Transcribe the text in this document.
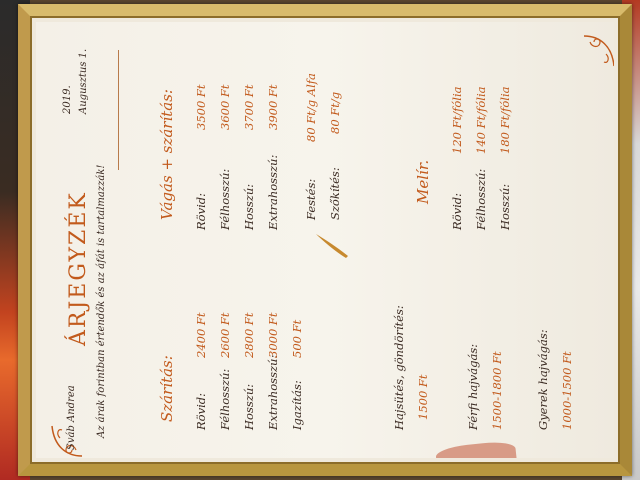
Sváb Andrea
ÁRJEGYZÉK
2019. Augusztus 1.
Az árak forintban értendők és az áfát is tartalmazzák!	Szárítás: Rövid:
2400 Ft
Félhosszú:
2600 Ft
Hosszú:
2800 Ft
Extrahosszú:
3000 Ft
Igazítás:
500 Ft
Vágás + szárítás: Rövid:
3500 Ft
Félhosszú:
3600 Ft
Hosszú:
3700 Ft
Extrahosszú:
3900 Ft
Festés:
80 Ft/g Alfa
Szőkítés:
80 Ft/g
Hajsütés, göndörítés: 1500 Ft
Melír.
Rövid:
120 Ft/fólia
Félhosszú:
140 Ft/fólia
Hosszú:
180 Ft/fólia
Férfi hajvágás: 1500-1800 Ft	Gyerek hajvágás: 1000-1500 Ft
